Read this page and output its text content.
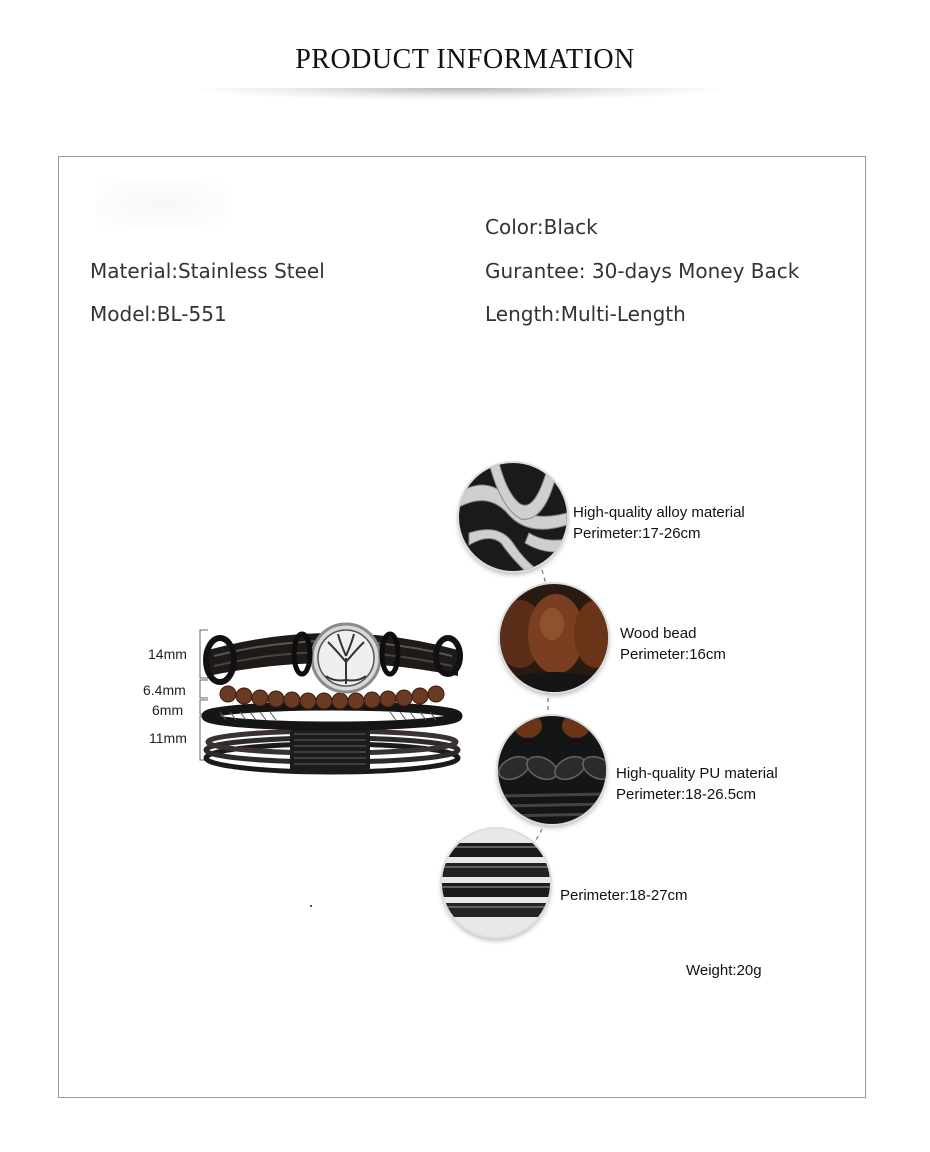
PRODUCT INFORMATION
Color:Black
Material:Stainless Steel	Gurantee: 30-days Money Back
Model:BL-551	Length:Multi-Length
14mm
6.4mm
6mm
11mm
High-quality alloy material
Perimeter:17-26cm
Wood bead
Perimeter:16cm
High-quality PU material
Perimeter:18-26.5cm
Perimeter:18-27cm
Weight:20g
